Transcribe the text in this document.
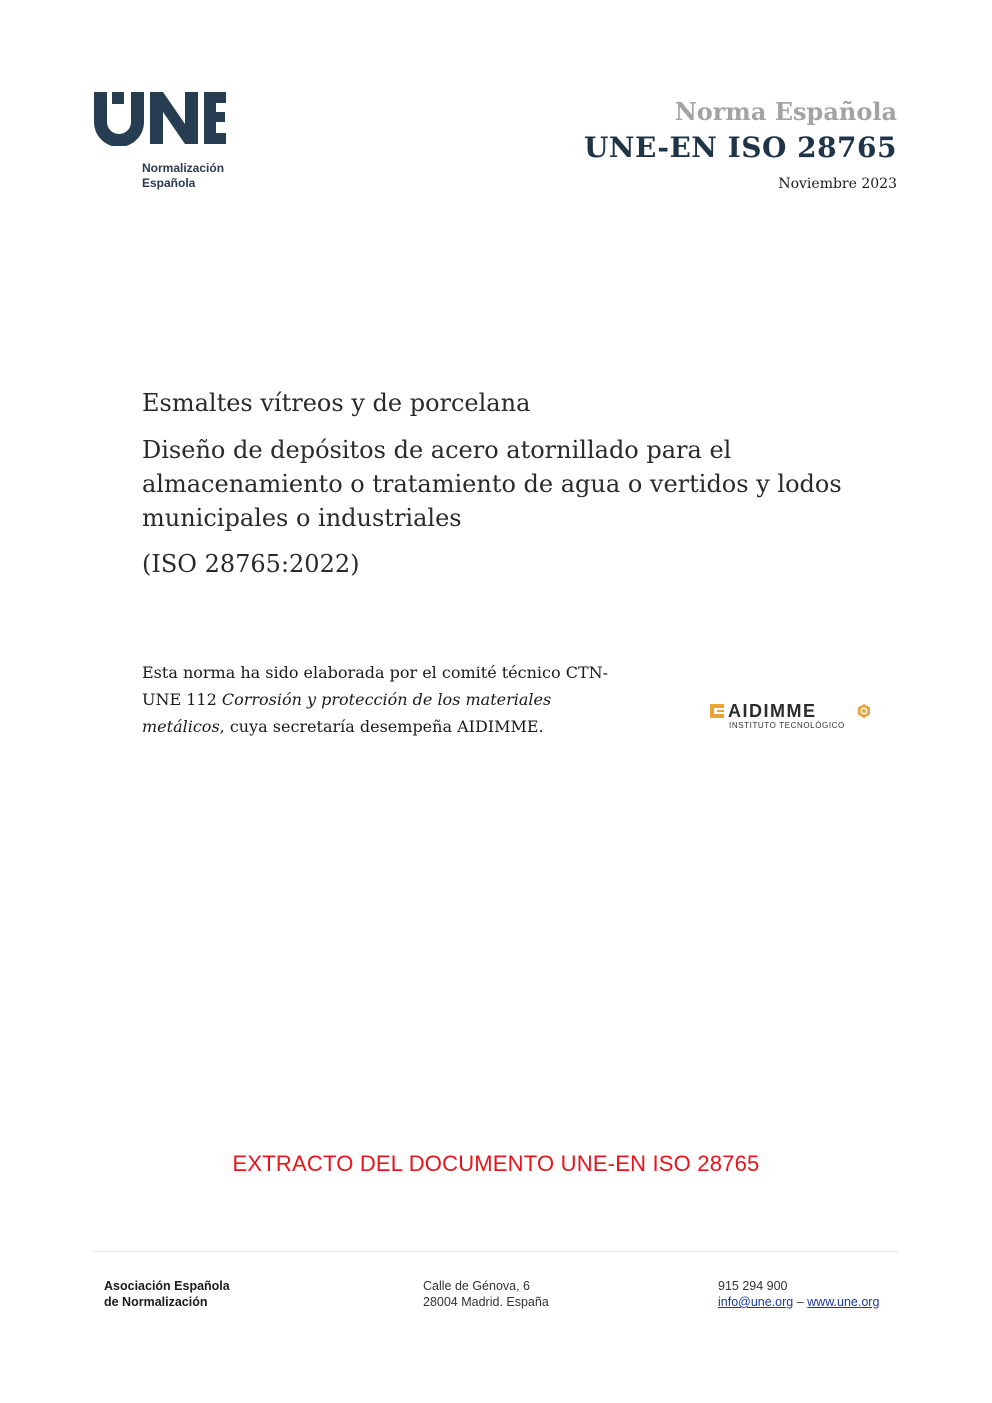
Normalización
Española
Norma Española
UNE-EN ISO 28765
Noviembre 2023
Esmaltes vítreos y de porcelana
Diseño de depósitos de acero atornillado para el almacenamiento o tratamiento de agua o vertidos y lodos municipales o industriales
(ISO 28765:2022)
Esta norma ha sido elaborada por el comité técnico CTN-UNE 112 Corrosión y protección de los materiales metálicos, cuya secretaría desempeña AIDIMME.
AIDIMME
INSTITUTO TECNOLÓGICO
EXTRACTO DEL DOCUMENTO UNE-EN ISO 28765
Asociación Española
de Normalización
Calle de Génova, 6
28004 Madrid. España
915 294 900
info@une.org – www.une.org
